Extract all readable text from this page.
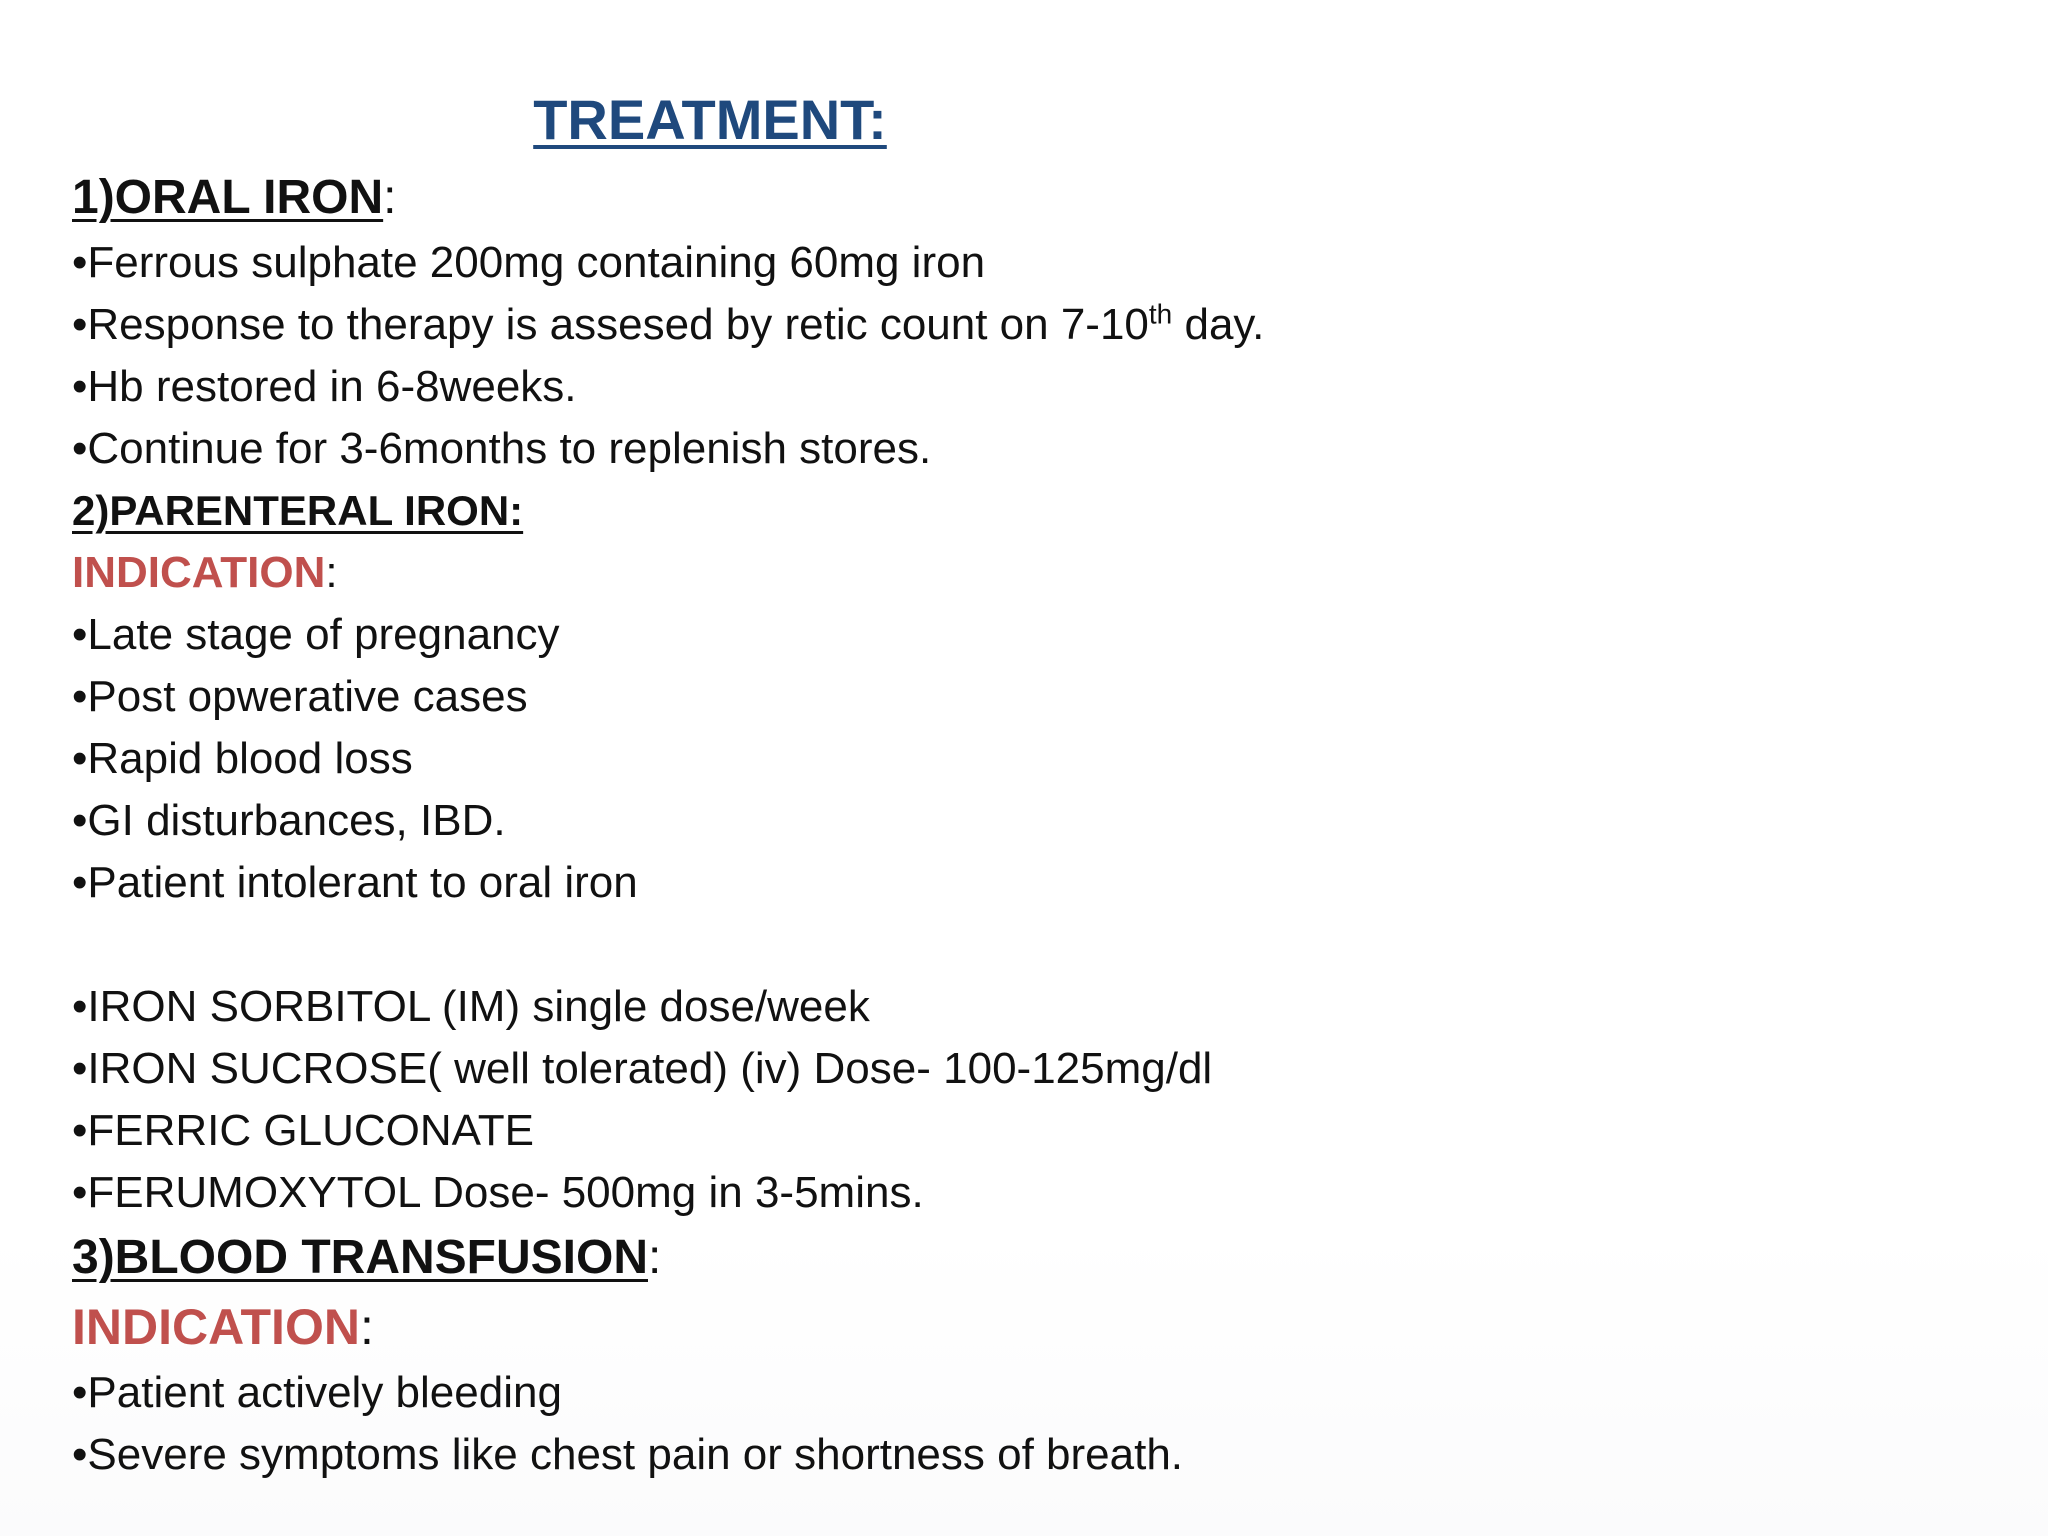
TREATMENT:
1)ORAL IRON:
•Ferrous sulphate 200mg containing 60mg iron
•Response to therapy is assesed by retic count on 7-10th day.
•Hb restored in 6-8weeks.
•Continue for 3-6months to replenish stores.
2)PARENTERAL IRON:
INDICATION:
•Late stage of pregnancy
•Post opwerative cases
•Rapid blood loss
•GI disturbances, IBD.
•Patient intolerant to oral iron
•IRON SORBITOL (IM) single dose/week
•IRON SUCROSE( well tolerated) (iv) Dose- 100-125mg/dl
•FERRIC GLUCONATE
•FERUMOXYTOL Dose- 500mg in 3-5mins.
3)BLOOD TRANSFUSION:
INDICATION:
•Patient actively bleeding
•Severe symptoms like chest pain or shortness of breath.
